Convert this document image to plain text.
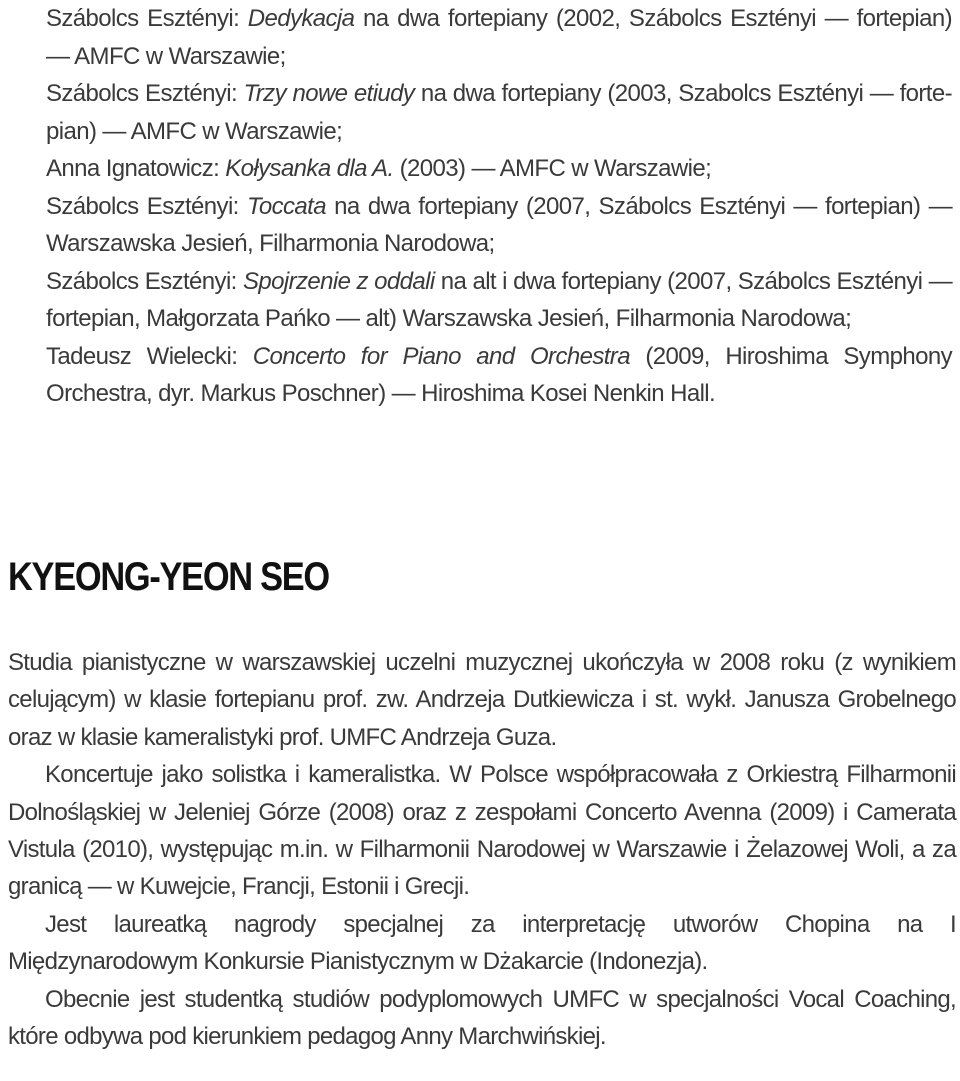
Szábolcs Esztényi: Dedykacja na dwa fortepiany (2002, Szábolcs Esztényi — fortepian) — AMFC w Warszawie;

Szábolcs Esztényi: Trzy nowe etiudy na dwa fortepiany (2003, Szabolcs Esztényi — forte-pian) — AMFC w Warszawie;

Anna Ignatowicz: Kołysanka dla A. (2003) — AMFC w Warszawie;

Szábolcs Esztényi: Toccata na dwa fortepiany (2007, Szábolcs Esztényi — fortepian) — Warszawska Jesień, Filharmonia Narodowa;

Szábolcs Esztényi: Spojrzenie z oddali na alt i dwa fortepiany (2007, Szábolcs Esztényi — fortepian, Małgorzata Pańko — alt) Warszawska Jesień, Filharmonia Narodowa;

Tadeusz Wielecki: Concerto for Piano and Orchestra (2009, Hiroshima Symphony Orchestra, dyr. Markus Poschner) — Hiroshima Kosei Nenkin Hall.

KYEONG-YEON SEO

Studia pianistyczne w warszawskiej uczelni muzycznej ukończyła w 2008 roku (z wynikiem celującym) w klasie fortepianu prof. zw. Andrzeja Dutkiewicza i st. wykł. Janusza Grobelnego oraz w klasie kameralistyki prof. UMFC Andrzeja Guza.

Koncertuje jako solistka i kameralistka. W Polsce współpracowała z Orkiestrą Filharmonii Dolnośląskiej w Jeleniej Górze (2008) oraz z zespołami Concerto Avenna (2009) i Camerata Vistula (2010), występując m.in. w Filharmonii Narodowej w Warszawie i Żelazowej Woli, a za granicą — w Kuwejcie, Francji, Estonii i Grecji.

Jest laureatką nagrody specjalnej za interpretację utworów Chopina na I Międzynarodowym Konkursie Pianistycznym w Dżakarcie (Indonezja).

Obecnie jest studentką studiów podyplomowych UMFC w specjalności Vocal Coaching, które odbywa pod kierunkiem pedagog Anny Marchwińskiej.
